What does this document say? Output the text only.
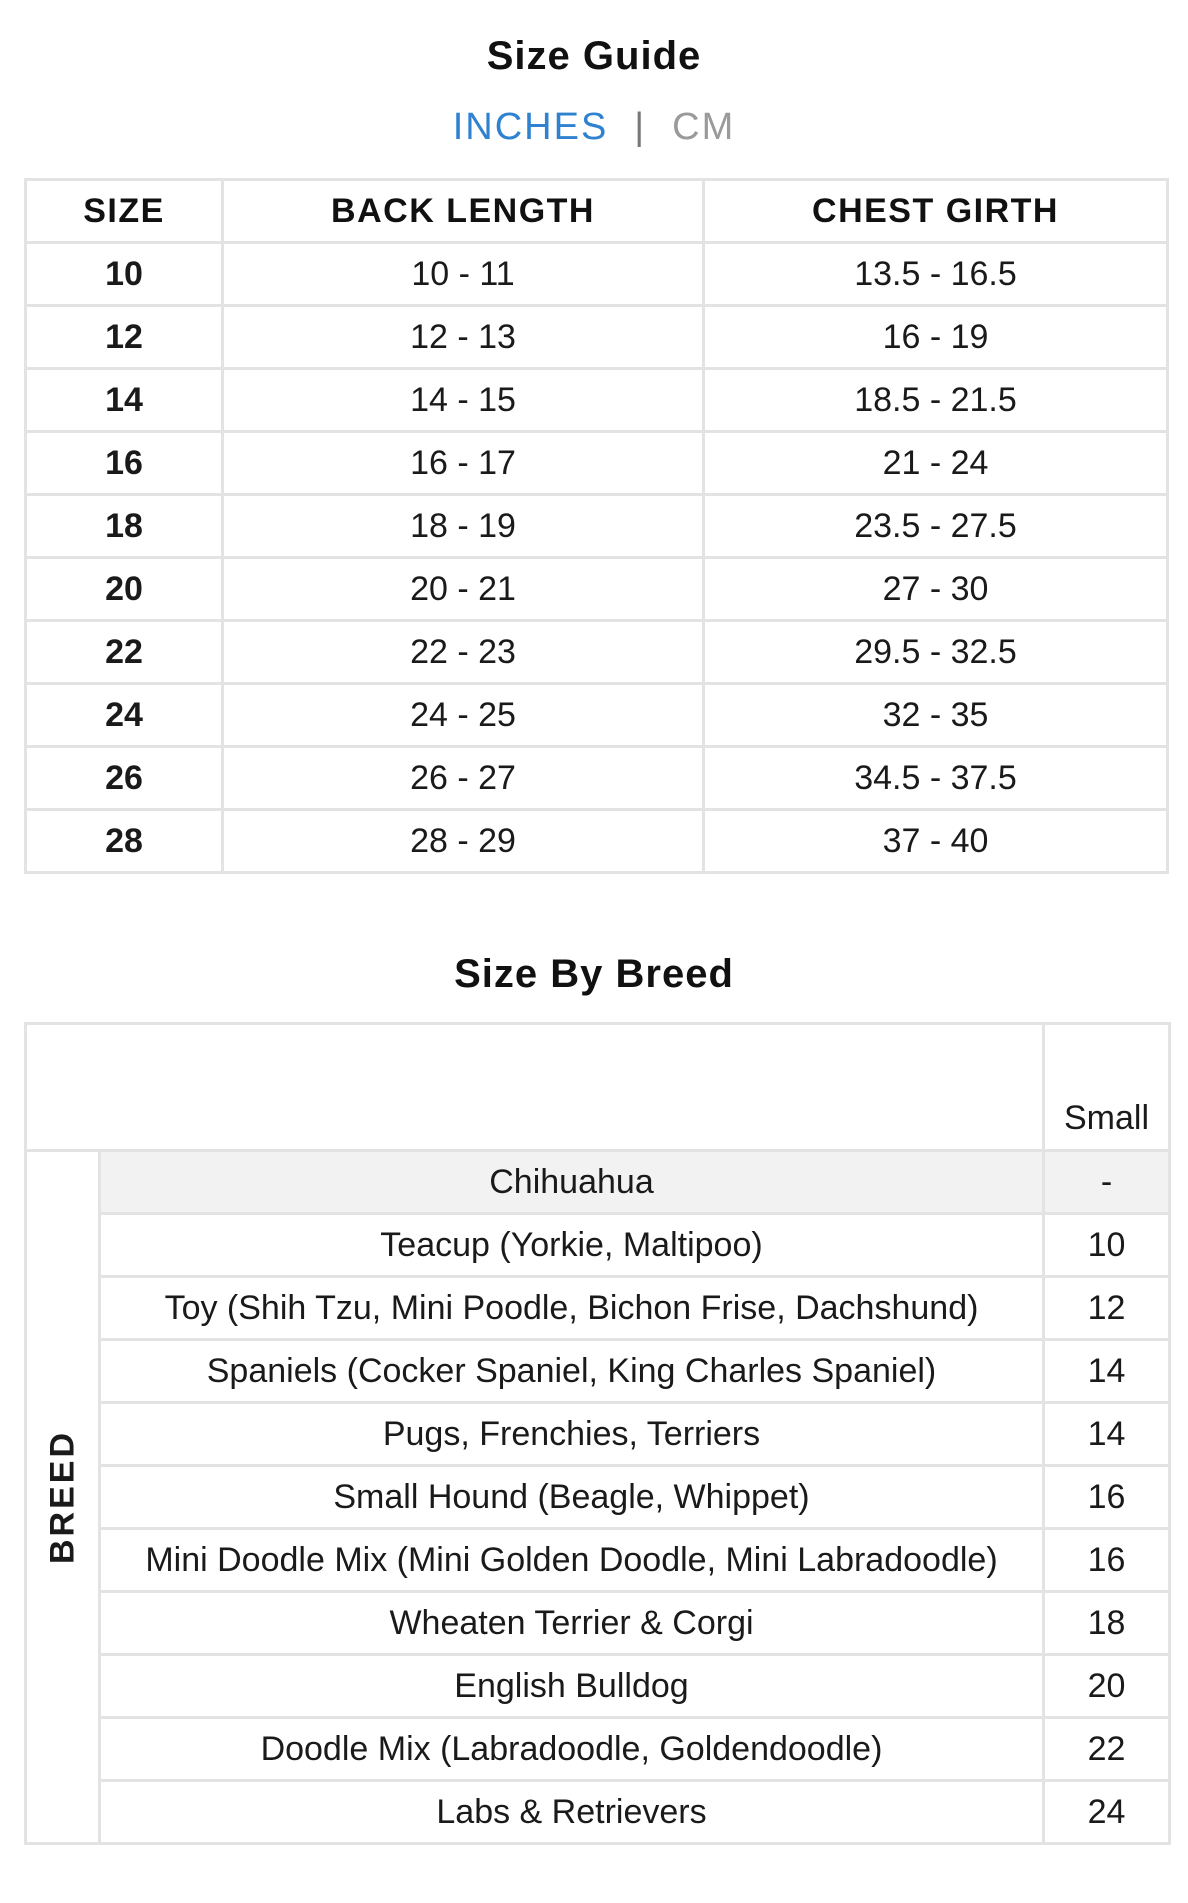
Size Guide
INCHES | CM
SIZE	BACK LENGTH	CHEST GIRTH
10	10 - 11	13.5 - 16.5
12	12 - 13	16 - 19
14	14 - 15	18.5 - 21.5
16	16 - 17	21 - 24
18	18 - 19	23.5 - 27.5
20	20 - 21	27 - 30
22	22 - 23	29.5 - 32.5
24	24 - 25	32 - 35
26	26 - 27	34.5 - 37.5
28	28 - 29	37 - 40
Size By Breed

		Small

BREED	Chihuahua	-
	Teacup (Yorkie, Maltipoo)	10
	Toy (Shih Tzu, Mini Poodle, Bichon Frise, Dachshund)	12
	Spaniels (Cocker Spaniel, King Charles Spaniel)	14
	Pugs, Frenchies, Terriers	14
	Small Hound (Beagle, Whippet)	16
	Mini Doodle Mix (Mini Golden Doodle, Mini Labradoodle)	16
	Wheaten Terrier & Corgi	18
	English Bulldog	20
	Doodle Mix (Labradoodle, Goldendoodle)	22
	Labs & Retrievers	24
